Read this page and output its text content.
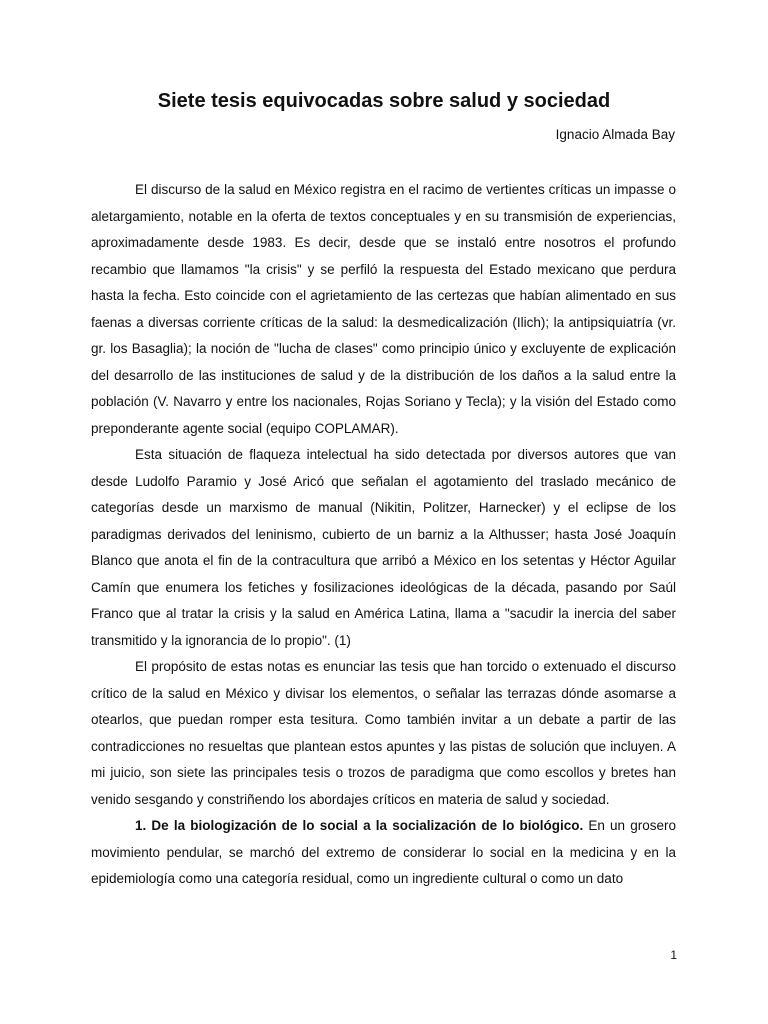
Siete tesis equivocadas sobre salud y sociedad

Ignacio Almada Bay

El discurso de la salud en México registra en el racimo de vertientes críticas un impasse o aletargamiento, notable en la oferta de textos conceptuales y en su transmisión de experiencias, aproximadamente desde 1983. Es decir, desde que se instaló entre nosotros el profundo recambio que llamamos "la crisis" y se perfiló la respuesta del Estado mexicano que perdura hasta la fecha. Esto coincide con el agrietamiento de las certezas que habían alimentado en sus faenas a diversas corriente críticas de la salud: la desmedicalización (Ilich); la antipsiquiatría (vr. gr. los Basaglia); la noción de "lucha de clases" como principio único y excluyente de explicación del desarrollo de las instituciones de salud y de la distribución de los daños a la salud entre la población (V. Navarro y entre los nacionales, Rojas Soriano y Tecla); y la visión del Estado como preponderante agente social (equipo COPLAMAR).

Esta situación de flaqueza intelectual ha sido detectada por diversos autores que van desde Ludolfo Paramio y José Aricó que señalan el agotamiento del traslado mecánico de categorías desde un marxismo de manual (Nikitin, Politzer, Harnecker) y el eclipse de los paradigmas derivados del leninismo, cubierto de un barniz a la Althusser; hasta José Joaquín Blanco que anota el fin de la contracultura que arribó a México en los setentas y Héctor Aguilar Camín que enumera los fetiches y fosilizaciones ideológicas de la década, pasando por Saúl Franco que al tratar la crisis y la salud en América Latina, llama a "sacudir la inercia del saber transmitido y la ignorancia de lo propio". (1)

El propósito de estas notas es enunciar las tesis que han torcido o extenuado el discurso crítico de la salud en México y divisar los elementos, o señalar las terrazas dónde asomarse a otearlos, que puedan romper esta tesitura. Como también invitar a un debate a partir de las contradicciones no resueltas que plantean estos apuntes y las pistas de solución que incluyen. A mi juicio, son siete las principales tesis o trozos de paradigma que como escollos y bretes han venido sesgando y constriñendo los abordajes críticos en materia de salud y sociedad.

1. De la biologización de lo social a la socialización de lo biológico. En un grosero movimiento pendular, se marchó del extremo de considerar lo social en la medicina y en la epidemiología como una categoría residual, como un ingrediente cultural o como un dato

1
